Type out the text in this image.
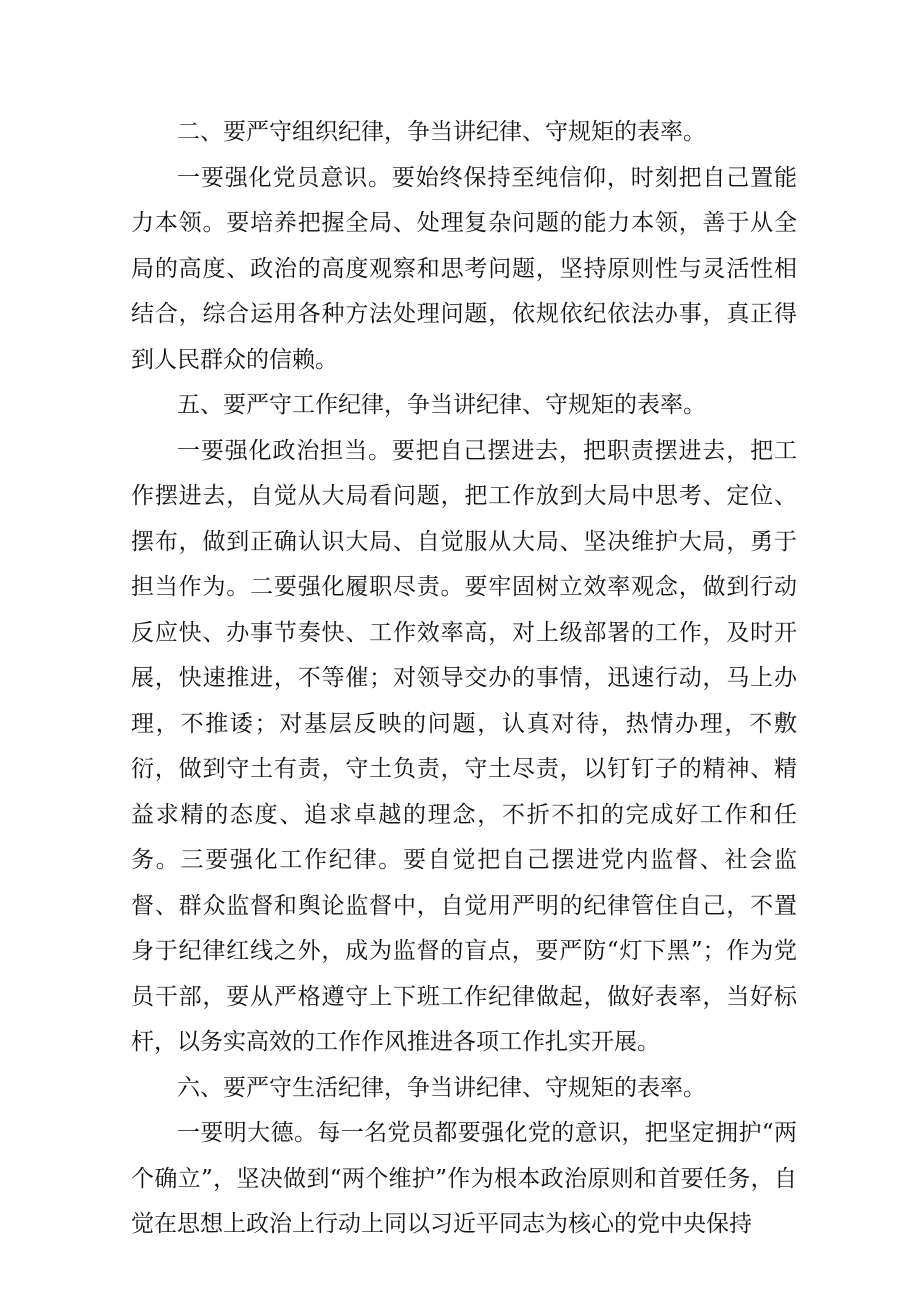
二、要严守组织纪律，争当讲纪律、守规矩的表率。

一要强化党员意识。要始终保持至纯信仰，时刻把自己置能力本领。要培养把握全局、处理复杂问题的能力本领，善于从全局的高度、政治的高度观察和思考问题，坚持原则性与灵活性相结合，综合运用各种方法处理问题，依规依纪依法办事，真正得到人民群众的信赖。

五、要严守工作纪律，争当讲纪律、守规矩的表率。

一要强化政治担当。要把自己摆进去，把职责摆进去，把工作摆进去，自觉从大局看问题，把工作放到大局中思考、定位、摆布，做到正确认识大局、自觉服从大局、坚决维护大局，勇于担当作为。二要强化履职尽责。要牢固树立效率观念，做到行动反应快、办事节奏快、工作效率高，对上级部署的工作，及时开展，快速推进，不等催；对领导交办的事情，迅速行动，马上办理，不推诿；对基层反映的问题，认真对待，热情办理，不敷衍，做到守土有责，守土负责，守土尽责，以钉钉子的精神、精益求精的态度、追求卓越的理念，不折不扣的完成好工作和任务。三要强化工作纪律。要自觉把自己摆进党内监督、社会监督、群众监督和舆论监督中，自觉用严明的纪律管住自己，不置身于纪律红线之外，成为监督的盲点，要严防“灯下黑”；作为党员干部，要从严格遵守上下班工作纪律做起，做好表率，当好标杆，以务实高效的工作作风推进各项工作扎实开展。

六、要严守生活纪律，争当讲纪律、守规矩的表率。

一要明大德。每一名党员都要强化党的意识，把坚定拥护“两个确立”，坚决做到“两个维护”作为根本政治原则和首要任务，自觉在思想上政治上行动上同以习近平同志为核心的党中央保持
